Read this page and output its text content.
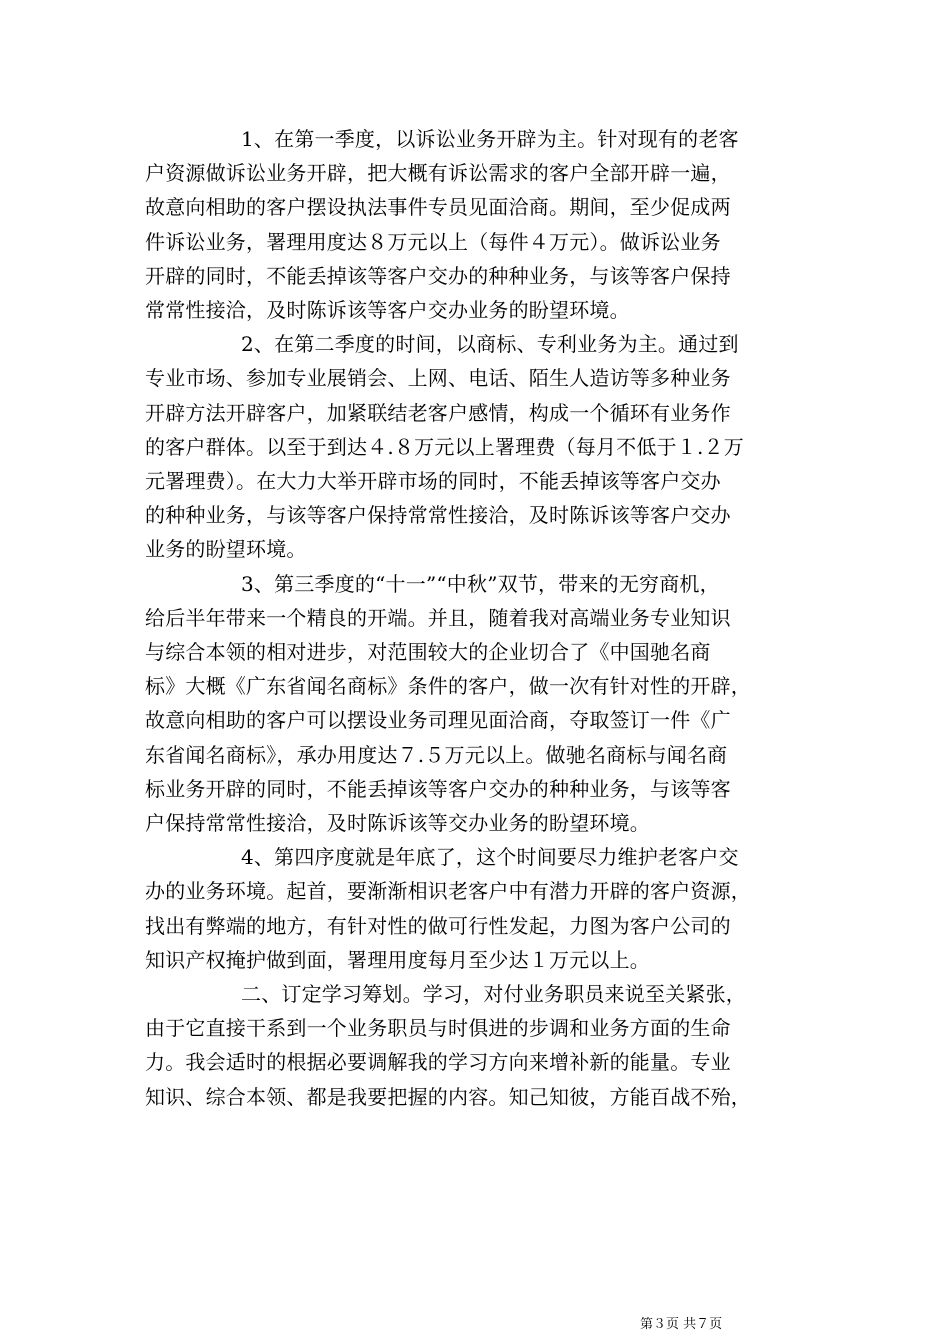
1、在第一季度，以诉讼业务开辟为主。针对现有的老客
户资源做诉讼业务开辟，把大概有诉讼需求的客户全部开辟一遍，
故意向相助的客户摆设执法事件专员见面洽商。期间，至少促成两
件诉讼业务，署理用度达８万元以上（每件４万元）。做诉讼业务
开辟的同时，不能丢掉该等客户交办的种种业务，与该等客户保持
常常性接洽，及时陈诉该等客户交办业务的盼望环境。

2、在第二季度的时间，以商标、专利业务为主。通过到
专业市场、参加专业展销会、上网、电话、陌生人造访等多种业务
开辟方法开辟客户，加紧联结老客户感情，构成一个循环有业务作
的客户群体。以至于到达４.８万元以上署理费（每月不低于１.２万
元署理费）。在大力大举开辟市场的同时，不能丢掉该等客户交办
的种种业务，与该等客户保持常常性接洽，及时陈诉该等客户交办
业务的盼望环境。

3、第三季度的“十一”“中秋”双节，带来的无穷商机，
给后半年带来一个精良的开端。并且，随着我对高端业务专业知识
与综合本领的相对进步，对范围较大的企业切合了《中国驰名商
标》大概《广东省闻名商标》条件的客户，做一次有针对性的开辟，
故意向相助的客户可以摆设业务司理见面洽商，夺取签订一件《广
东省闻名商标》，承办用度达７.５万元以上。做驰名商标与闻名商
标业务开辟的同时，不能丢掉该等客户交办的种种业务，与该等客
户保持常常性接洽，及时陈诉该等交办业务的盼望环境。

4、第四序度就是年底了，这个时间要尽力维护老客户交
办的业务环境。起首，要渐渐相识老客户中有潜力开辟的客户资源，
找出有弊端的地方，有针对性的做可行性发起，力图为客户公司的
知识产权掩护做到面，署理用度每月至少达１万元以上。

二、订定学习筹划。学习，对付业务职员来说至关紧张，
由于它直接干系到一个业务职员与时俱进的步调和业务方面的生命
力。我会适时的根据必要调解我的学习方向来增补新的能量。专业
知识、综合本领、都是我要把握的内容。知己知彼，方能百战不殆，

第３页 共７页
